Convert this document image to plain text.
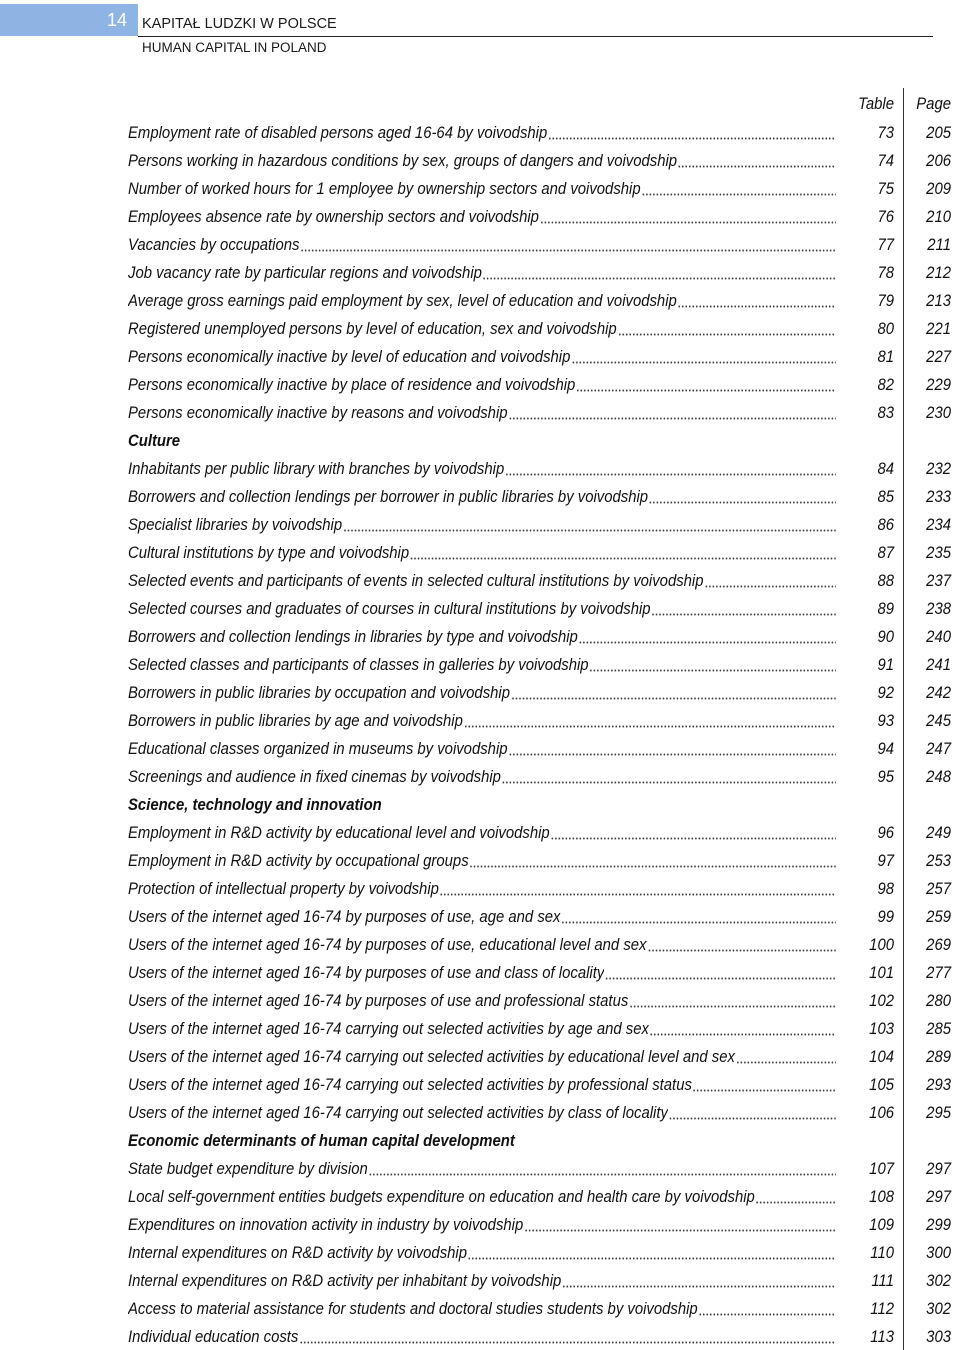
14 KAPITAŁ LUDZKI W POLSCE
HUMAN CAPITAL IN POLAND
Table Page
Employment rate of disabled persons aged 16-64 by voivodship	73	205
Persons working in hazardous conditions by sex, groups of dangers and voivodship	74	206
Number of worked hours for 1 employee by ownership sectors and voivodship	75	209
Employees absence rate by ownership sectors and voivodship	76	210
Vacancies by occupations	77	211
Job vacancy rate by particular regions and voivodship	78	212
Average gross earnings paid employment by sex, level of education and voivodship	79	213
Registered unemployed persons by level of education, sex and voivodship	80	221
Persons economically inactive by level of education and voivodship	81	227
Persons economically inactive by place of residence and voivodship	82	229
Persons economically inactive by reasons and voivodship	83	230
Culture
Inhabitants per public library with branches by voivodship	84	232
Borrowers and collection lendings per borrower in public libraries by voivodship	85	233
Specialist libraries by voivodship	86	234
Cultural institutions by type and voivodship	87	235
Selected events and participants of events in selected cultural institutions by voivodship	88	237
Selected courses and graduates of courses in cultural institutions by voivodship	89	238
Borrowers and collection lendings in libraries by type and voivodship	90	240
Selected classes and participants of classes in galleries by voivodship	91	241
Borrowers in public libraries by occupation and voivodship	92	242
Borrowers in public libraries by age and voivodship	93	245
Educational classes organized in museums by voivodship	94	247
Screenings and audience in fixed cinemas by voivodship	95	248
Science, technology and innovation
Employment in R&D activity by educational level and voivodship	96	249
Employment in R&D activity by occupational groups	97	253
Protection of intellectual property by voivodship	98	257
Users of the internet aged 16-74 by purposes of use, age and sex	99	259
Users of the internet aged 16-74 by purposes of use, educational level and sex	100	269
Users of the internet aged 16-74 by purposes of use and class of locality	101	277
Users of the internet aged 16-74 by purposes of use and professional status	102	280
Users of the internet aged 16-74 carrying out selected activities by age and sex	103	285
Users of the internet aged 16-74 carrying out selected activities by educational level and sex	104	289
Users of the internet aged 16-74 carrying out selected activities by professional status	105	293
Users of the internet aged 16-74 carrying out selected activities by class of locality	106	295
Economic determinants of human capital development
State budget expenditure by division	107	297
Local self-government entities budgets expenditure on education and health care by voivodship	108	297
Expenditures on innovation activity in industry by voivodship	109	299
Internal expenditures on R&D activity by voivodship	110	300
Internal expenditures on R&D activity per inhabitant by voivodship	111	302
Access to material assistance for students and doctoral studies students by voivodship	112	302
Individual education costs	113	303
